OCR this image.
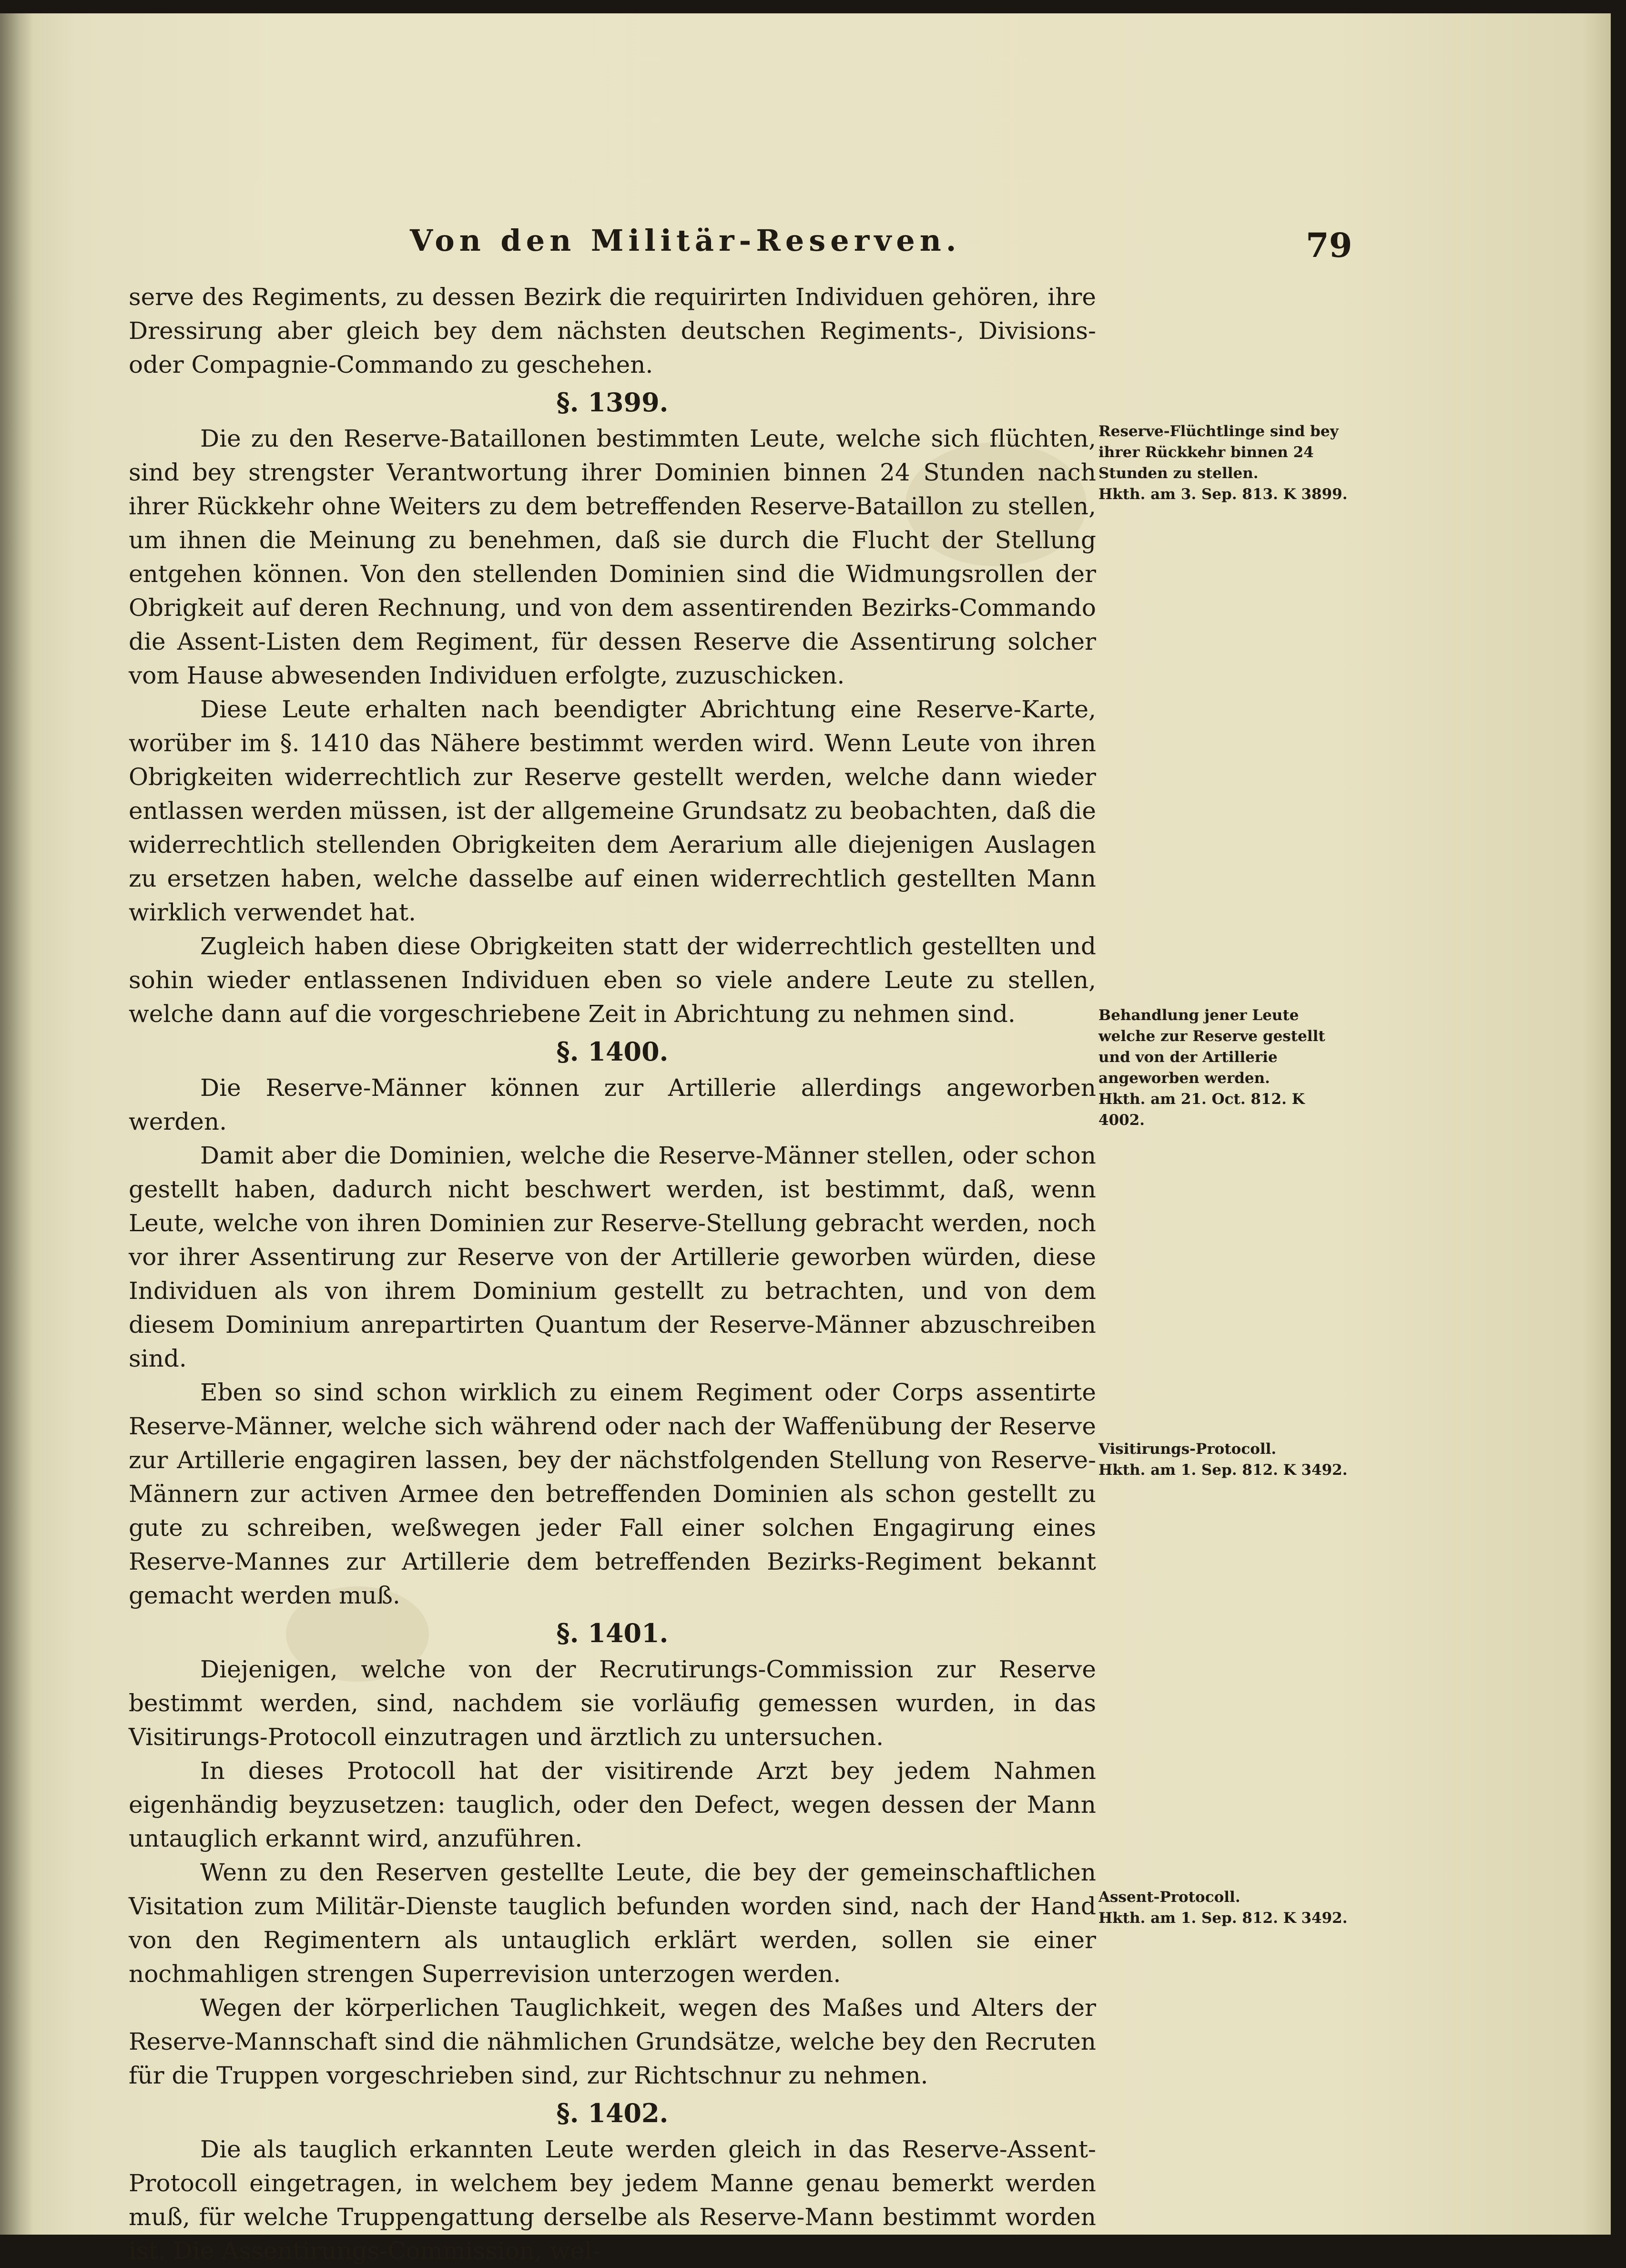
Von den Militär-Reserven.	79

serve des Regiments, zu dessen Bezirk die requirirten Individuen gehören, ihre Dressirung aber gleich bey dem nächsten deutschen Regiments-, Divisions- oder Compagnie-Commando zu geschehen.

§. 1399.

Die zu den Reserve-Bataillonen bestimmten Leute, welche sich flüchten, sind bey strengster Verantwortung ihrer Dominien binnen 24 Stunden nach ihrer Rückkehr ohne Weiters zu dem betreffenden Reserve-Bataillon zu stellen, um ihnen die Meinung zu benehmen, daß sie durch die Flucht der Stellung entgehen können. Von den stellenden Dominien sind die Widmungsrollen der Obrigkeit auf deren Rechnung, und von dem assentirenden Bezirks-Commando die Assent-Listen dem Regiment, für dessen Reserve die Assentirung solcher vom Hause abwesenden Individuen erfolgte, zuzuschicken.

Diese Leute erhalten nach beendigter Abrichtung eine Reserve-Karte, worüber im §. 1410 das Nähere bestimmt werden wird. Wenn Leute von ihren Obrigkeiten widerrechtlich zur Reserve gestellt werden, welche dann wieder entlassen werden müssen, ist der allgemeine Grundsatz zu beobachten, daß die widerrechtlich stellenden Obrigkeiten dem Aerarium alle diejenigen Auslagen zu ersetzen haben, welche dasselbe auf einen widerrechtlich gestellten Mann wirklich verwendet hat.

Zugleich haben diese Obrigkeiten statt der widerrechtlich gestellten und sohin wieder entlassenen Individuen eben so viele andere Leute zu stellen, welche dann auf die vorgeschriebene Zeit in Abrichtung zu nehmen sind.

§. 1400.

Die Reserve-Männer können zur Artillerie allerdings angeworben werden.

Damit aber die Dominien, welche die Reserve-Männer stellen, oder schon gestellt haben, dadurch nicht beschwert werden, ist bestimmt, daß, wenn Leute, welche von ihren Dominien zur Reserve-Stellung gebracht werden, noch vor ihrer Assentirung zur Reserve von der Artillerie geworben würden, diese Individuen als von ihrem Dominium gestellt zu betrachten, und von dem diesem Dominium anrepartirten Quantum der Reserve-Männer abzuschreiben sind.

Eben so sind schon wirklich zu einem Regiment oder Corps assentirte Reserve-Männer, welche sich während oder nach der Waffenübung der Reserve zur Artillerie engagiren lassen, bey der nächstfolgenden Stellung von Reserve-Männern zur activen Armee den betreffenden Dominien als schon gestellt zu gute zu schreiben, weßwegen jeder Fall einer solchen Engagirung eines Reserve-Mannes zur Artillerie dem betreffenden Bezirks-Regiment bekannt gemacht werden muß.

§. 1401.

Diejenigen, welche von der Recrutirungs-Commission zur Reserve bestimmt werden, sind, nachdem sie vorläufig gemessen wurden, in das Visitirungs-Protocoll einzutragen und ärztlich zu untersuchen.

In dieses Protocoll hat der visitirende Arzt bey jedem Nahmen eigenhändig beyzusetzen: tauglich, oder den Defect, wegen dessen der Mann untauglich erkannt wird, anzuführen.

Wenn zu den Reserven gestellte Leute, die bey der gemeinschaftlichen Visitation zum Militär-Dienste tauglich befunden worden sind, nach der Hand von den Regimentern als untauglich erklärt werden, sollen sie einer nochmahligen strengen Superrevision unterzogen werden.

Wegen der körperlichen Tauglichkeit, wegen des Maßes und Alters der Reserve-Mannschaft sind die nähmlichen Grundsätze, welche bey den Recruten für die Truppen vorgeschrieben sind, zur Richtschnur zu nehmen.

§. 1402.

Die als tauglich erkannten Leute werden gleich in das Reserve-Assent-Protocoll eingetragen, in welchem bey jedem Manne genau bemerkt werden muß, für welche Truppengattung derselbe als Reserve-Mann bestimmt worden ist. Die Assentirungs-Commission, wel-

Reserve-Flüchtlinge sind bey ihrer Rückkehr binnen 24 Stunden zu stellen.
Hkth. am 3. Sep. 813. K 3899.
Behandlung jener Leute welche zur Reserve gestellt und von der Artillerie angeworben werden.
Hkth. am 21. Oct. 812. K 4002.
Visitirungs-Protocoll.
Hkth. am 1. Sep. 812. K 3492.
Assent-Protocoll.
Hkth. am 1. Sep. 812. K 3492.
